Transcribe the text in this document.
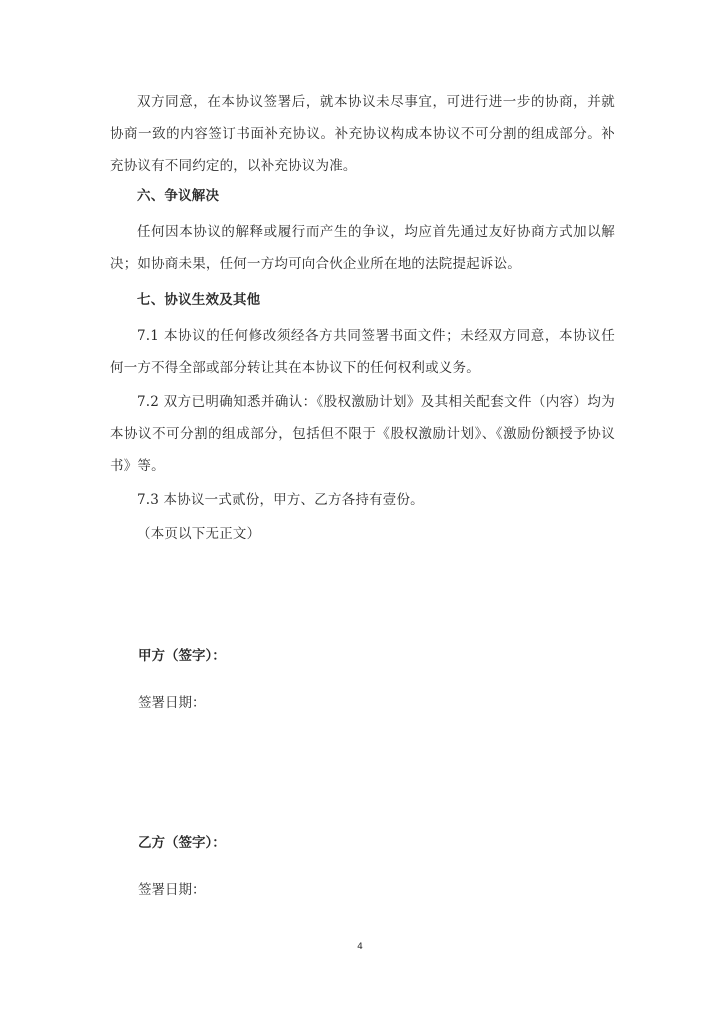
双方同意，在本协议签署后，就本协议未尽事宜，可进行进一步的协商，并就协商一致的内容签订书面补充协议。补充协议构成本协议不可分割的组成部分。补充协议有不同约定的，以补充协议为准。

六、争议解决

任何因本协议的解释或履行而产生的争议，均应首先通过友好协商方式加以解决；如协商未果，任何一方均可向合伙企业所在地的法院提起诉讼。

七、协议生效及其他

7.1 本协议的任何修改须经各方共同签署书面文件；未经双方同意，本协议任何一方不得全部或部分转让其在本协议下的任何权利或义务。

7.2 双方已明确知悉并确认：《股权激励计划》及其相关配套文件（内容）均为本协议不可分割的组成部分，包括但不限于《股权激励计划》、《激励份额授予协议书》等。

7.3 本协议一式贰份，甲方、乙方各持有壹份。

（本页以下无正文）
甲方（签字）：
签署日期：
乙方（签字）：
签署日期：
4
